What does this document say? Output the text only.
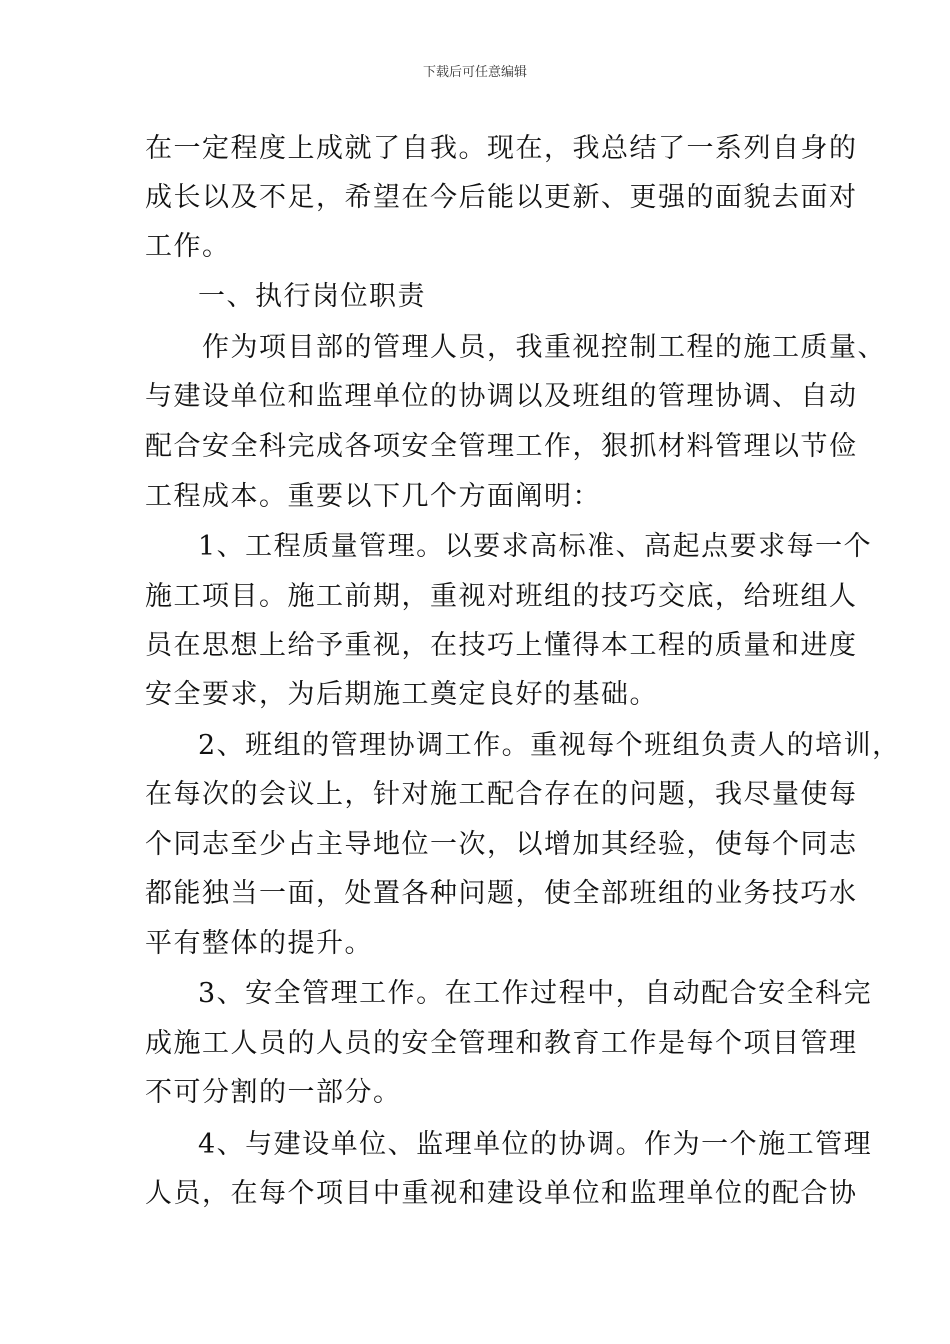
下载后可任意编辑
在一定程度上成就了自我。现在，我总结了一系列自身的
成长以及不足，希望在今后能以更新、更强的面貌去面对
工作。
一、执行岗位职责
作为项目部的管理人员，我重视控制工程的施工质量、
与建设单位和监理单位的协调以及班组的管理协调、自动
配合安全科完成各项安全管理工作，狠抓材料管理以节俭
工程成本。重要以下几个方面阐明：
1、工程质量管理。以要求高标准、高起点要求每一个
施工项目。施工前期，重视对班组的技巧交底，给班组人
员在思想上给予重视，在技巧上懂得本工程的质量和进度
安全要求，为后期施工奠定良好的基础。
2、班组的管理协调工作。重视每个班组负责人的培训，
在每次的会议上，针对施工配合存在的问题，我尽量使每
个同志至少占主导地位一次，以增加其经验，使每个同志
都能独当一面，处置各种问题，使全部班组的业务技巧水
平有整体的提升。
3、安全管理工作。在工作过程中，自动配合安全科完
成施工人员的人员的安全管理和教育工作是每个项目管理
不可分割的一部分。
4、与建设单位、监理单位的协调。作为一个施工管理
人员，在每个项目中重视和建设单位和监理单位的配合协
